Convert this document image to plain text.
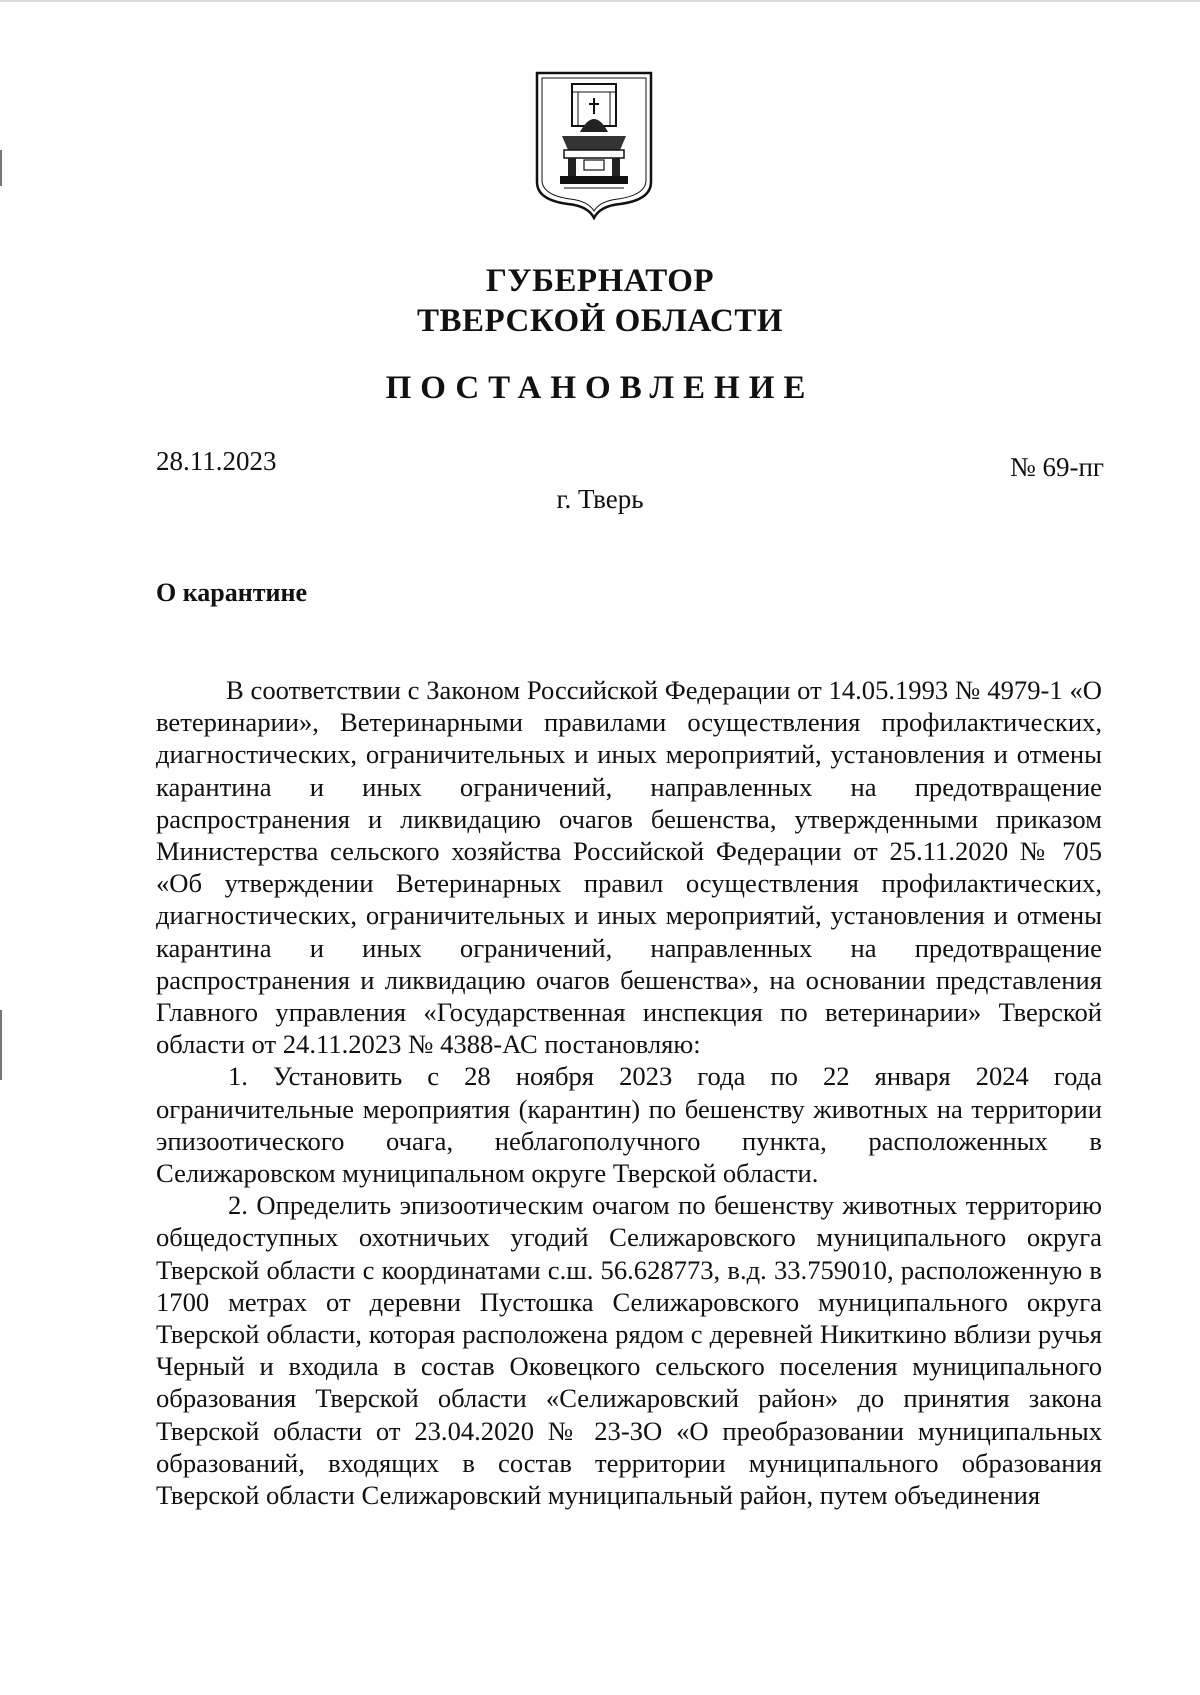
ГУБЕРНАТОР
ТВЕРСКОЙ ОБЛАСТИ
ПОСТАНОВЛЕНИЕ
28.11.2023	№ 69-пг
г. Тверь
О карантине

В соответствии с Законом Российской Федерации от 14.05.1993 № 4979-1 «О ветеринарии», Ветеринарными правилами осуществления профилактических, диагностических, ограничительных и иных мероприятий, установления и отмены карантина и иных ограничений, направленных на предотвращение распространения и ликвидацию очагов бешенства, утвержденными приказом Министерства сельского хозяйства Российской Федерации от 25.11.2020 № 705 «Об утверждении Ветеринарных правил осуществления профилактических, диагностических, ограничительных и иных мероприятий, установления и отмены карантина и иных ограничений, направленных на предотвращение распространения и ликвидацию очагов бешенства», на основании представления Главного управления «Государственная инспекция по ветеринарии» Тверской области от 24.11.2023 № 4388-АС постановляю:

1. Установить с 28 ноября 2023 года по 22 января 2024 года ограничительные мероприятия (карантин) по бешенству животных на территории эпизоотического очага, неблагополучного пункта, расположенных в Селижаровском муниципальном округе Тверской области.

2. Определить эпизоотическим очагом по бешенству животных территорию общедоступных охотничьих угодий Селижаровского муниципального округа Тверской области с координатами с.ш. 56.628773, в.д. 33.759010, расположенную в 1700 метрах от деревни Пустошка Селижаровского муниципального округа Тверской области, которая расположена рядом с деревней Никиткино вблизи ручья Черный и входила в состав Оковецкого сельского поселения муниципального образования Тверской области «Селижаровский район» до принятия закона Тверской области от 23.04.2020 № 23-ЗО «О преобразовании муниципальных образований, входящих в состав территории муниципального образования Тверской области Селижаровский муниципальный район, путем объединения
